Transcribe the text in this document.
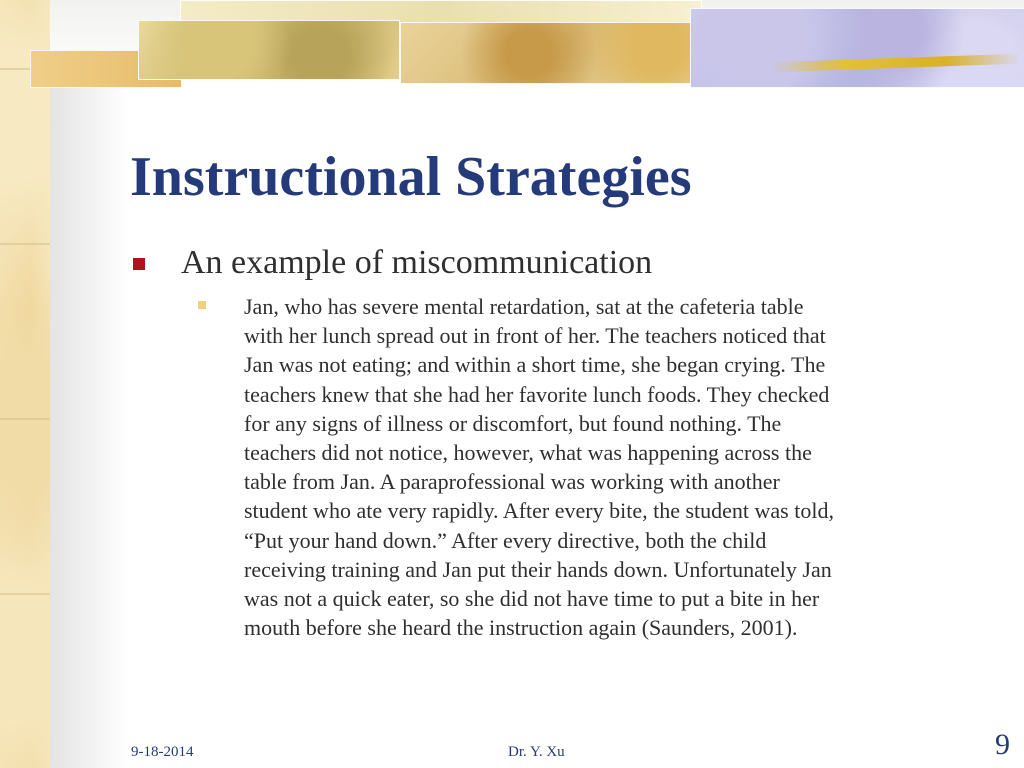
Instructional Strategies
An example of miscommunication
Jan, who has severe mental retardation, sat at the cafeteria table
with her lunch spread out in front of her. The teachers noticed that
Jan was not eating; and within a short time, she began crying. The
teachers knew that she had her favorite lunch foods. They checked
for any signs of illness or discomfort, but found nothing. The
teachers did not notice, however, what was happening across the
table from Jan. A paraprofessional was working with another
student who ate very rapidly. After every bite, the student was told,
“Put your hand down.” After every directive, both the child
receiving training and Jan put their hands down. Unfortunately Jan
was not a quick eater, so she did not have time to put a bite in her
mouth before she heard the instruction again (Saunders, 2001).
9-18-2014	Dr. Y. Xu	9
